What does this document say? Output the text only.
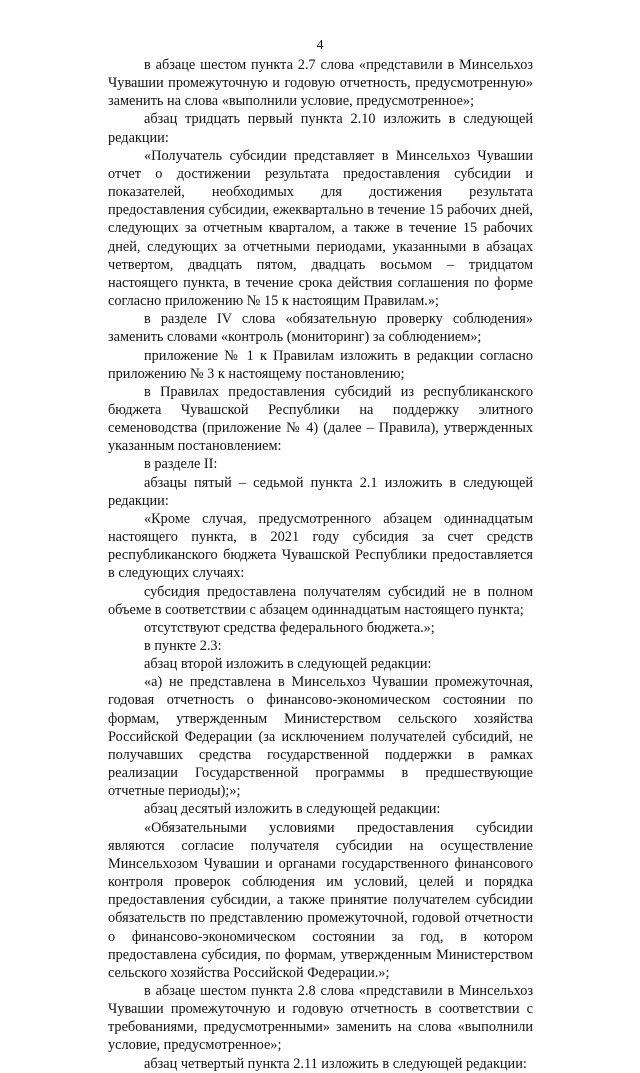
4

в абзаце шестом пункта 2.7 слова «представили в Минсельхоз Чувашии промежуточную и годовую отчетность, предусмотренную» заменить на слова «выполнили условие, предусмотренное»;

абзац тридцать первый пункта 2.10 изложить в следующей редакции:

«Получатель субсидии представляет в Минсельхоз Чувашии отчет о достижении результата предоставления субсидии и показателей, необходимых для достижения результата предоставления субсидии, ежеквартально в течение 15 рабочих дней, следующих за отчетным кварталом, а также в течение 15 рабочих дней, следующих за отчетными периодами, указанными в абзацах четвертом, двадцать пятом, двадцать восьмом – тридцатом настоящего пункта, в течение срока действия соглашения по форме согласно приложению № 15 к настоящим Правилам.»;

в разделе IV слова «обязательную проверку соблюдения» заменить словами «контроль (мониторинг) за соблюдением»;

приложение № 1 к Правилам изложить в редакции согласно приложению № 3 к настоящему постановлению;

в Правилах предоставления субсидий из республиканского бюджета Чувашской Республики на поддержку элитного семеноводства (приложение № 4) (далее – Правила), утвержденных указанным постановлением:

в разделе II:

абзацы пятый – седьмой пункта 2.1 изложить в следующей редакции:

«Кроме случая, предусмотренного абзацем одиннадцатым настоящего пункта, в 2021 году субсидия за счет средств республиканского бюджета Чувашской Республики предоставляется в следующих случаях:

субсидия предоставлена получателям субсидий не в полном объеме в соответствии с абзацем одиннадцатым настоящего пункта;

отсутствуют средства федерального бюджета.»;

в пункте 2.3:

абзац второй изложить в следующей редакции:

«а) не представлена в Минсельхоз Чувашии промежуточная, годовая отчетность о финансово-экономическом состоянии по формам, утвержденным Министерством сельского хозяйства Российской Федерации (за исключением получателей субсидий, не получавших средства государственной поддержки в рамках реализации Государственной программы в предшествующие отчетные периоды);»;

абзац десятый изложить в следующей редакции:

«Обязательными условиями предоставления субсидии являются согласие получателя субсидии на осуществление Минсельхозом Чувашии и органами государственного финансового контроля проверок соблюдения им условий, целей и порядка предоставления субсидии, а также принятие получателем субсидии обязательств по представлению промежуточной, годовой отчетности о финансово-экономическом состоянии за год, в котором предоставлена субсидия, по формам, утвержденным Министерством сельского хозяйства Российской Федерации.»;

в абзаце шестом пункта 2.8 слова «представили в Минсельхоз Чувашии промежуточную и годовую отчетность в соответствии с требованиями, предусмотренными» заменить на слова «выполнили условие, предусмотренное»;

абзац четвертый пункта 2.11 изложить в следующей редакции:
